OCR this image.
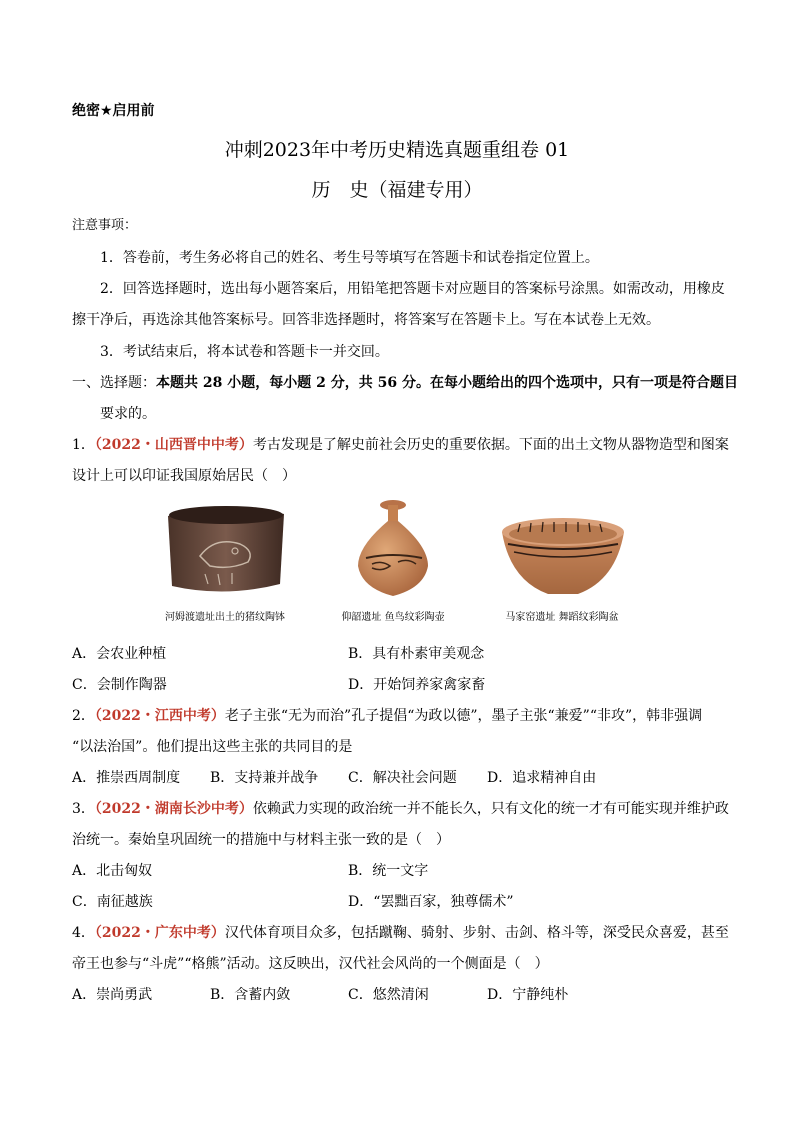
绝密★启用前
冲刺2023年中考历史精选真题重组卷 01
历　史（福建专用）
注意事项：
1．答卷前，考生务必将自己的姓名、考生号等填写在答题卡和试卷指定位置上。
2．回答选择题时，选出每小题答案后，用铅笔把答题卡对应题目的答案标号涂黑。如需改动，用橡皮
擦干净后，再选涂其他答案标号。回答非选择题时，将答案写在答题卡上。写在本试卷上无效。
3．考试结束后，将本试卷和答题卡一并交回。
一、选择题：本题共 28 小题，每小题 2 分，共 56 分。在每小题给出的四个选项中，只有一项是符合题目
要求的。
1．（2022・山西晋中中考）考古发现是了解史前社会历史的重要依据。下面的出土文物从器物造型和图案
设计上可以印证我国原始居民（　）
河姆渡遗址出土的猪纹陶钵	仰韶遗址 鱼鸟纹彩陶壶	马家窑遗址 舞蹈纹彩陶盆
A．会农业种植	B．具有朴素审美观念
C．会制作陶器	D．开始饲养家禽家畜
2．（2022・江西中考）老子主张“无为而治”孔子提倡“为政以德”，墨子主张“兼爱”“非攻”，韩非强调
“以法治国”。他们提出这些主张的共同目的是
A．推崇西周制度 B．支持兼并战争 C．解决社会问题 D．追求精神自由
3．（2022・湖南长沙中考）依赖武力实现的政治统一并不能长久，只有文化的统一才有可能实现并维护政
治统一。秦始皇巩固统一的措施中与材料主张一致的是（　）
A．北击匈奴	B．统一文字
C．南征越族	D．“罢黜百家，独尊儒术”
4．（2022・广东中考）汉代体育项目众多，包括蹴鞠、骑射、步射、击剑、格斗等，深受民众喜爱，甚至
帝王也参与“斗虎”“格熊”活动。这反映出，汉代社会风尚的一个侧面是（　）
A．崇尚勇武	B．含蓄内敛	C．悠然清闲	D．宁静纯朴
